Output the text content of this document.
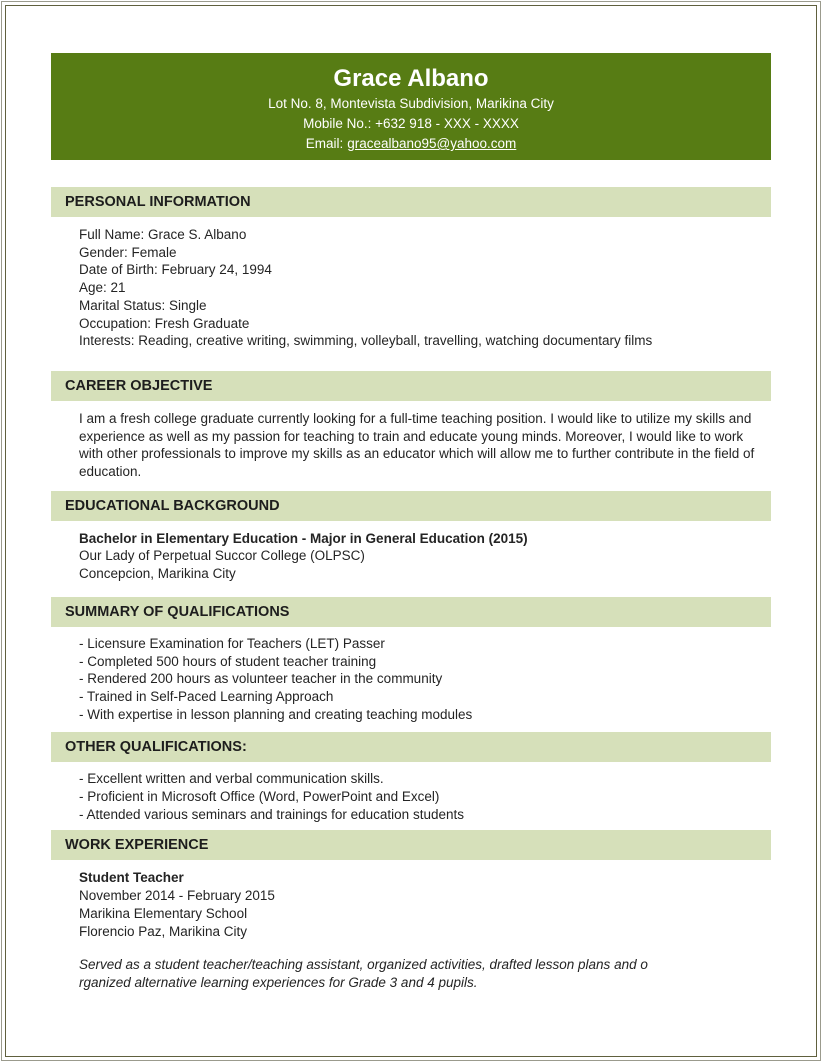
Grace Albano
Lot No. 8, Montevista Subdivision, Marikina City
Mobile No.: +632 918 - XXX - XXXX
Email: gracealbano95@yahoo.com
PERSONAL INFORMATION
Full Name: Grace S. Albano
Gender: Female
Date of Birth: February 24, 1994
Age: 21
Marital Status: Single
Occupation: Fresh Graduate
Interests: Reading, creative writing, swimming, volleyball, travelling, watching documentary films
CAREER OBJECTIVE
I am a fresh college graduate currently looking for a full-time teaching position. I would like to utilize my skills and experience as well as my passion for teaching to train and educate young minds. Moreover, I would like to work with other professionals to improve my skills as an educator which will allow me to further contribute in the field of education.
EDUCATIONAL BACKGROUND
Bachelor in Elementary Education - Major in General Education (2015)
Our Lady of Perpetual Succor College (OLPSC)
Concepcion, Marikina City
SUMMARY OF QUALIFICATIONS
- Licensure Examination for Teachers (LET) Passer
- Completed 500 hours of student teacher training
- Rendered 200 hours as volunteer teacher in the community
- Trained in Self-Paced Learning Approach
- With expertise in lesson planning and creating teaching modules
OTHER QUALIFICATIONS:
- Excellent written and verbal communication skills.
- Proficient in Microsoft Office (Word, PowerPoint and Excel)
- Attended various seminars and trainings for education students
WORK EXPERIENCE
Student Teacher
November 2014 - February 2015
Marikina Elementary School
Florencio Paz, Marikina City
Served as a student teacher/teaching assistant, organized activities, drafted lesson plans and o
rganized alternative learning experiences for Grade 3 and 4 pupils.
